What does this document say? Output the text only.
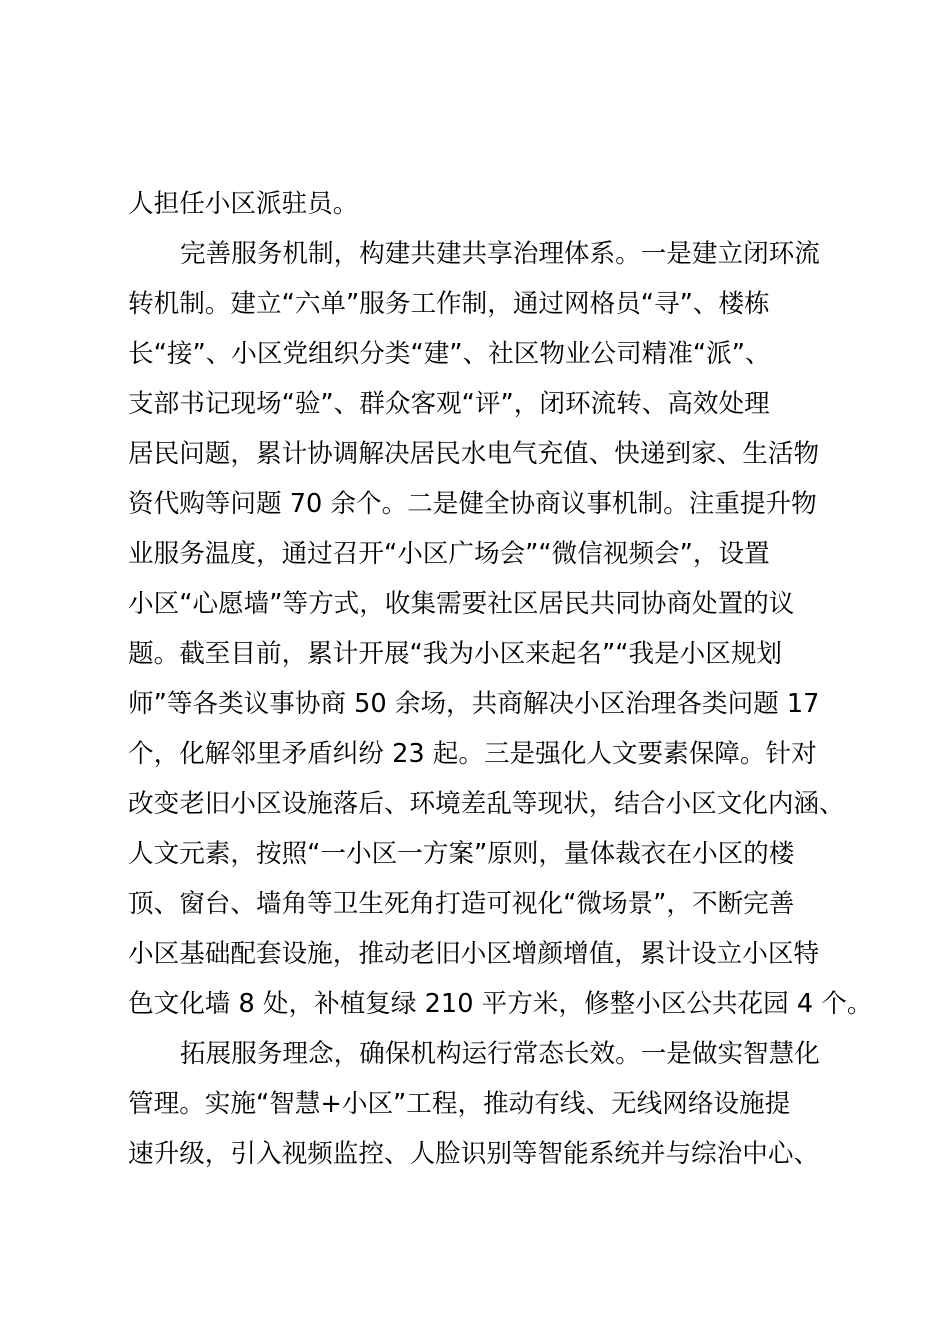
人担任小区派驻员。
完善服务机制，构建共建共享治理体系。一是建立闭环流
转机制。建立“六单”服务工作制，通过网格员“寻”、楼栋
长“接”、小区党组织分类“建”、社区物业公司精准“派”、
支部书记现场“验”、群众客观“评”，闭环流转、高效处理
居民问题，累计协调解决居民水电气充值、快递到家、生活物
资代购等问题 70 余个。二是健全协商议事机制。注重提升物
业服务温度，通过召开“小区广场会”“微信视频会”，设置
小区“心愿墙”等方式，收集需要社区居民共同协商处置的议
题。截至目前，累计开展“我为小区来起名”“我是小区规划
师”等各类议事协商 50 余场，共商解决小区治理各类问题 17
个，化解邻里矛盾纠纷 23 起。三是强化人文要素保障。针对
改变老旧小区设施落后、环境差乱等现状，结合小区文化内涵、
人文元素，按照“一小区一方案”原则，量体裁衣在小区的楼
顶、窗台、墙角等卫生死角打造可视化“微场景”，不断完善
小区基础配套设施，推动老旧小区增颜增值，累计设立小区特
色文化墙 8 处，补植复绿 210 平方米，修整小区公共花园 4 个。
拓展服务理念，确保机构运行常态长效。一是做实智慧化
管理。实施“智慧+小区”工程，推动有线、无线网络设施提
速升级，引入视频监控、人脸识别等智能系统并与综治中心、
